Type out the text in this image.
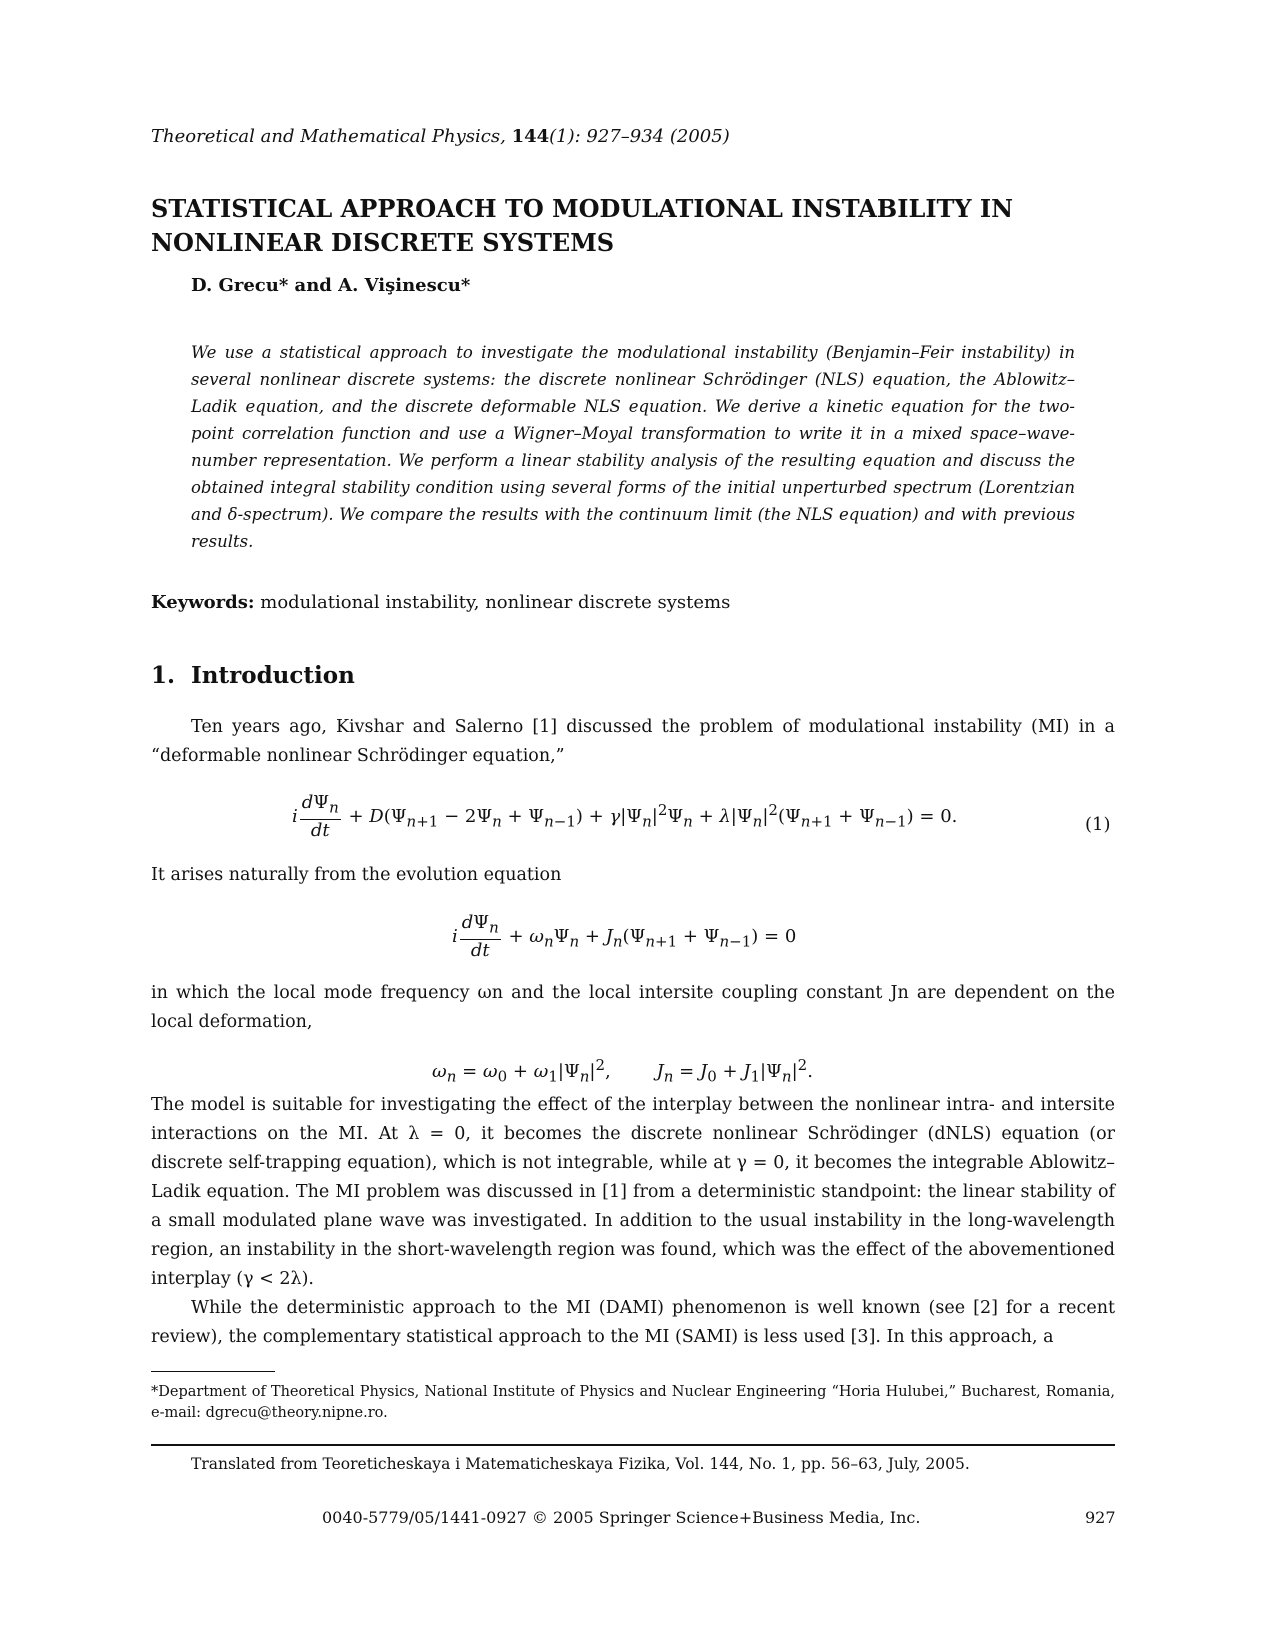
Theoretical and Mathematical Physics, 144(1): 927–934 (2005)
STATISTICAL APPROACH TO MODULATIONAL INSTABILITY IN NONLINEAR DISCRETE SYSTEMS
D. Grecu* and A. Vişinescu*
We use a statistical approach to investigate the modulational instability (Benjamin–Feir instability) in several nonlinear discrete systems: the discrete nonlinear Schrödinger (NLS) equation, the Ablowitz–Ladik equation, and the discrete deformable NLS equation. We derive a kinetic equation for the two-point correlation function and use a Wigner–Moyal transformation to write it in a mixed space–wave-number representation. We perform a linear stability analysis of the resulting equation and discuss the obtained integral stability condition using several forms of the initial unperturbed spectrum (Lorentzian and δ-spectrum). We compare the results with the continuum limit (the NLS equation) and with previous results.
Keywords: modulational instability, nonlinear discrete systems
1. Introduction
Ten years ago, Kivshar and Salerno [1] discussed the problem of modulational instability (MI) in a “deformable nonlinear Schrödinger equation,”
i $\frac{d\Psi_n}{dt} + D(\Psi_{n+1} - 2\Psi_n + \Psi_{n-1}) + \gamma|\Psi_n|^2\Psi_n + \lambda|\Psi_n|^2(\Psi_{n+1} + \Psi_{n-1}) = 0$.	(1)
It arises naturally from the evolution equation
i $\frac{d\Psi_n}{dt} + \omega_n\Psi_n + J_n(\Psi_{n+1} + \Psi_{n-1}) = 0$
in which the local mode frequency ωn and the local intersite coupling constant Jn are dependent on the local deformation,
$\omega_n = \omega_0 + \omega_1|\Psi_n|^2$,        $J_n = J_0 + J_1|\Psi_n|^2$.
The model is suitable for investigating the effect of the interplay between the nonlinear intra- and intersite interactions on the MI. At λ = 0, it becomes the discrete nonlinear Schrödinger (dNLS) equation (or discrete self-trapping equation), which is not integrable, while at γ = 0, it becomes the integrable Ablowitz–Ladik equation. The MI problem was discussed in [1] from a deterministic standpoint: the linear stability of a small modulated plane wave was investigated. In addition to the usual instability in the long-wavelength region, an instability in the short-wavelength region was found, which was the effect of the abovementioned interplay (γ < 2λ).
While the deterministic approach to the MI (DAMI) phenomenon is well known (see [2] for a recent review), the complementary statistical approach to the MI (SAMI) is less used [3]. In this approach, a
*Department of Theoretical Physics, National Institute of Physics and Nuclear Engineering “Horia Hulubei,” Bucharest, Romania, e-mail: dgrecu@theory.nipne.ro.
Translated from Teoreticheskaya i Matematicheskaya Fizika, Vol. 144, No. 1, pp. 56–63, July, 2005.
0040-5779/05/1441-0927 © 2005 Springer Science+Business Media, Inc.	927
